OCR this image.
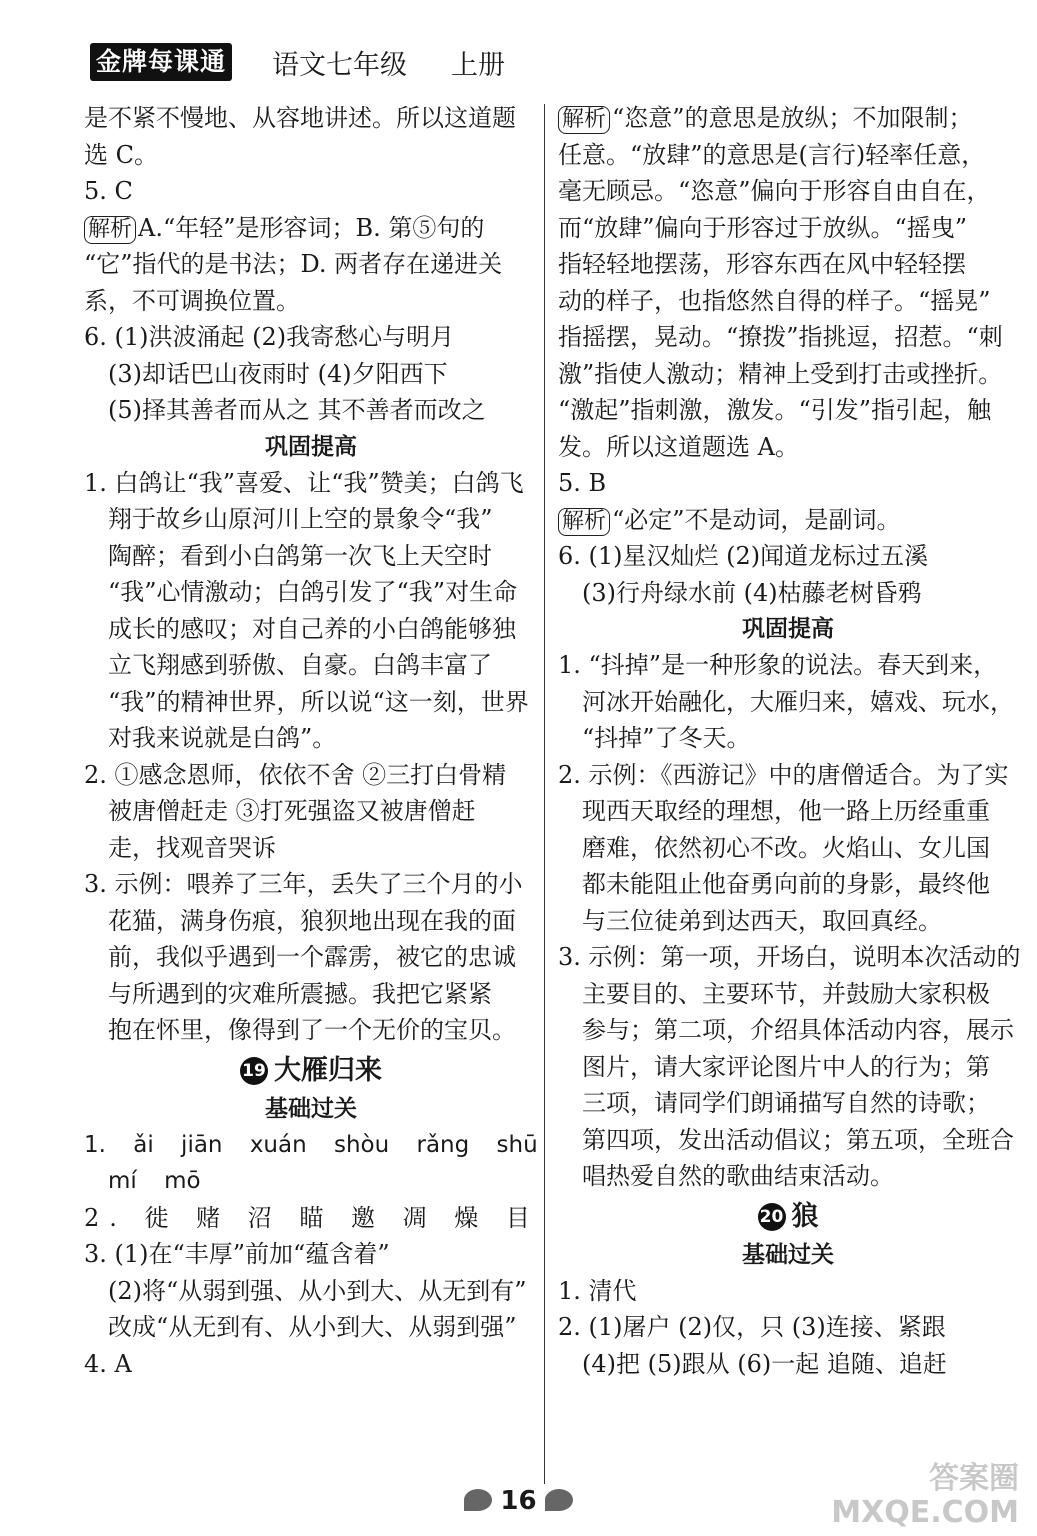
金牌每课通 语文七年级 上册

是不紧不慢地、从容地讲述。所以这道题

选 C。

5. C

解析 A.“年轻”是形容词；B. 第⑤句的

“它”指代的是书法；D. 两者存在递进关

系，不可调换位置。

6. (1)洪波涌起 (2)我寄愁心与明月

(3)却话巴山夜雨时 (4)夕阳西下

(5)择其善者而从之 其不善者而改之

巩固提高

1. 白鸽让“我”喜爱、让“我”赞美；白鸽飞

翔于故乡山原河川上空的景象令“我”

陶醉；看到小白鸽第一次飞上天空时

“我”心情激动；白鸽引发了“我”对生命

成长的感叹；对自己养的小白鸽能够独

立飞翔感到骄傲、自豪。白鸽丰富了

“我”的精神世界，所以说“这一刻，世界

对我来说就是白鸽”。

2. ①感念恩师，依依不舍 ②三打白骨精

被唐僧赶走 ③打死强盗又被唐僧赶

走，找观音哭诉

3. 示例：喂养了三年，丢失了三个月的小

花猫，满身伤痕，狼狈地出现在我的面

前，我似乎遇到一个霹雳，被它的忠诚

与所遇到的灾难所震撼。我把它紧紧

抱在怀里，像得到了一个无价的宝贝。

19 大雁归来

基础过关

1. ǎi jiān xuán shòu rǎng shū

mí mō

2. 徙 赌 沼 瞄 邀 凋 燥 目

3. (1)在“丰厚”前加“蕴含着”

(2)将“从弱到强、从小到大、从无到有”

改成“从无到有、从小到大、从弱到强”

4. A

解析 “恣意”的意思是放纵；不加限制；

任意。“放肆”的意思是(言行)轻率任意，

毫无顾忌。“恣意”偏向于形容自由自在，

而“放肆”偏向于形容过于放纵。“摇曳”

指轻轻地摆荡，形容东西在风中轻轻摆

动的样子，也指悠然自得的样子。“摇晃”

指摇摆，晃动。“撩拨”指挑逗，招惹。“刺

激”指使人激动；精神上受到打击或挫折。

“激起”指刺激，激发。“引发”指引起，触

发。所以这道题选 A。

5. B

解析 “必定”不是动词，是副词。

6. (1)星汉灿烂 (2)闻道龙标过五溪

(3)行舟绿水前 (4)枯藤老树昏鸦

巩固提高

1. “抖掉”是一种形象的说法。春天到来，

河冰开始融化，大雁归来，嬉戏、玩水，

“抖掉”了冬天。

2. 示例：《西游记》中的唐僧适合。为了实

现西天取经的理想，他一路上历经重重

磨难，依然初心不改。火焰山、女儿国

都未能阻止他奋勇向前的身影，最终他

与三位徒弟到达西天，取回真经。

3. 示例：第一项，开场白，说明本次活动的

主要目的、主要环节，并鼓励大家积极

参与；第二项，介绍具体活动内容，展示

图片，请大家评论图片中人的行为；第

三项，请同学们朗诵描写自然的诗歌；

第四项，发出活动倡议；第五项，全班合

唱热爱自然的歌曲结束活动。

20 狼

基础过关

1. 清代

2. (1)屠户 (2)仅，只 (3)连接、紧跟

(4)把 (5)跟从 (6)一起 追随、追赶

16
答案圈
MXQE.COM
